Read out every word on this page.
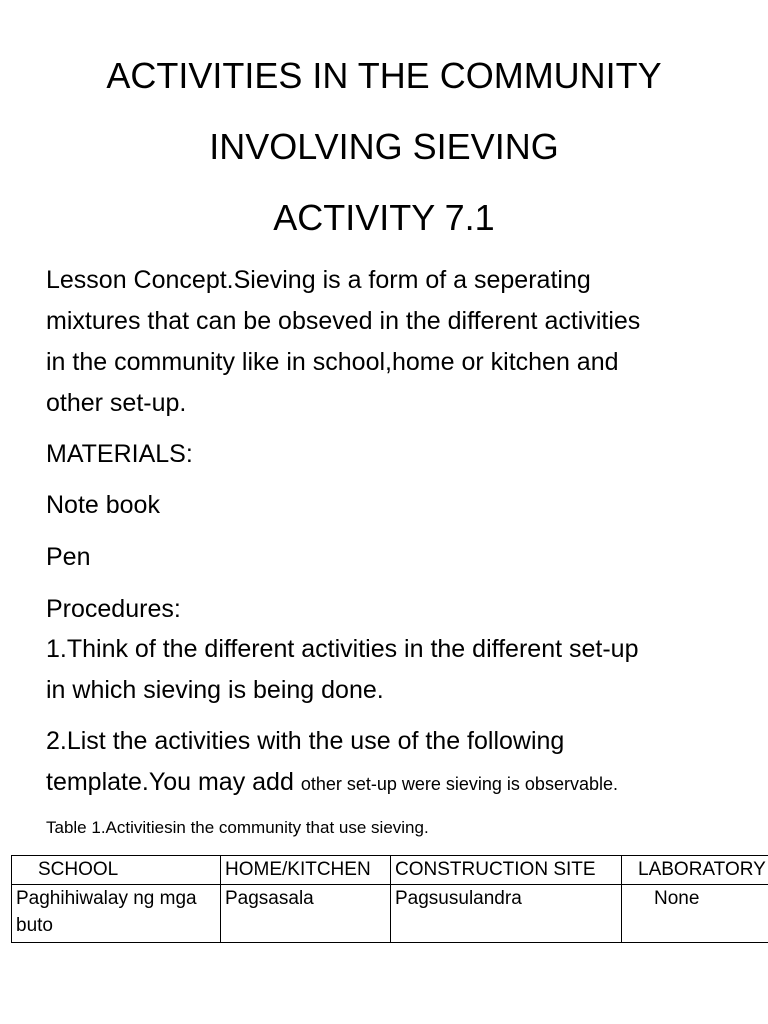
ACTIVITIES IN THE COMMUNITY
INVOLVING SIEVING
ACTIVITY 7.1
Lesson Concept.Sieving is a form of a seperating
mixtures that can be obseved in the different activities
in the community like in school,home or kitchen and
other set-up.
MATERIALS:
Note book
Pen
Procedures:
1.Think of the different activities in the different set-up
in which sieving is being done.
2.List the activities with the use of the following
template.You may add other set-up were sieving is observable.
Table 1.Activitiesin the community that use sieving.
SCHOOL	HOME/KITCHEN	CONSTRUCTION SITE	LABORATORY
Paghihiwalay ng mga buto	Pagsasala	Pagsusulandra	None
